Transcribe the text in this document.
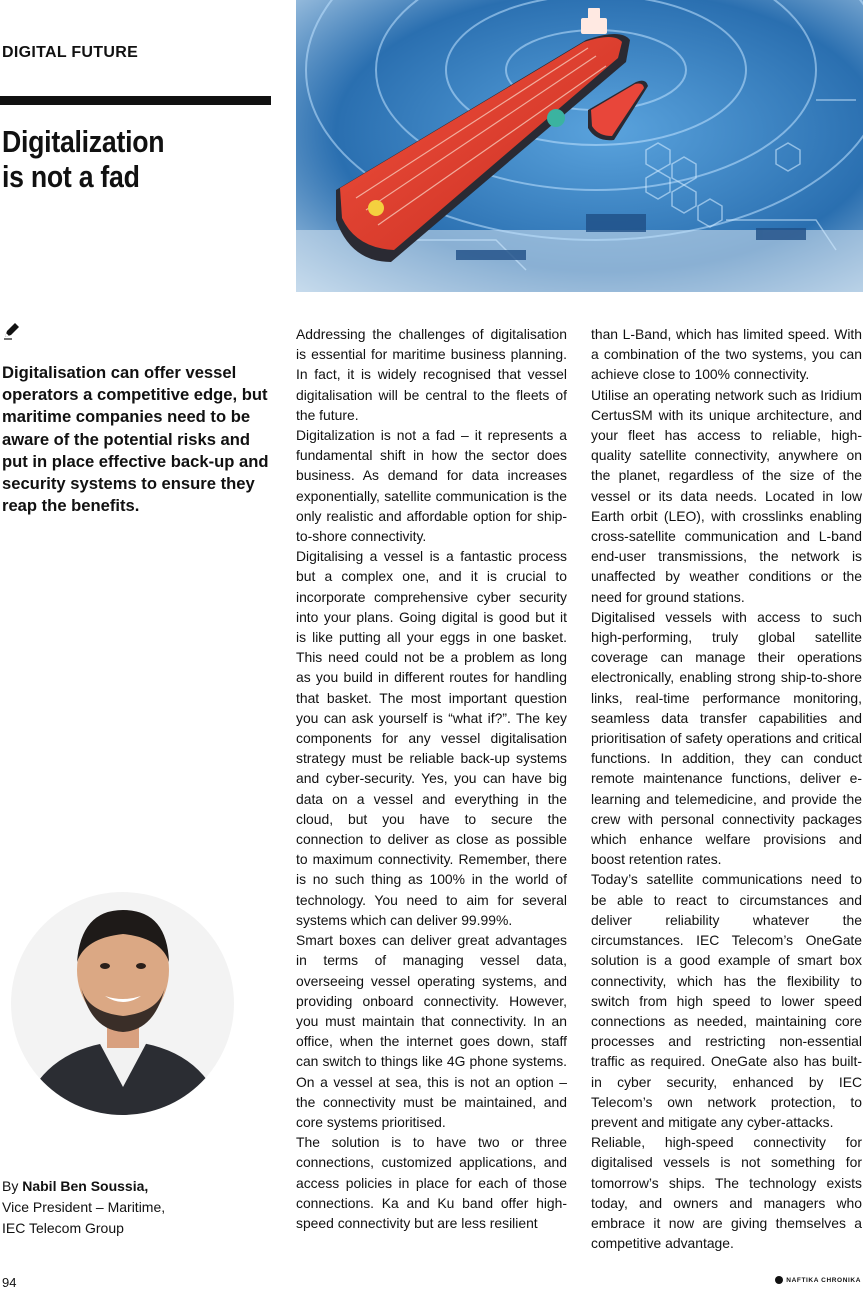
DIGITAL FUTURE
Digitalization
is not a fad

Digitalisation can offer vessel operators a competitive edge, but maritime companies need to be aware of the potential risks and put in place effective back-up and security systems to ensure they reap the benefits.

By Nabil Ben Soussia,
Vice President – Maritime,
IEC Telecom Group

Addressing the challenges of digitalisation is essential for maritime business planning. In fact, it is widely recognised that vessel digitalisation will be central to the fleets of the future.

Digitalization is not a fad – it represents a fundamental shift in how the sector does business. As demand for data increases exponentially, satellite communication is the only realistic and affordable option for ship-to-shore connectivity.

Digitalising a vessel is a fantastic process but a complex one, and it is crucial to incorporate comprehensive cyber security into your plans. Going digital is good but it is like putting all your eggs in one basket. This need could not be a problem as long as you build in different routes for handling that basket. The most important question you can ask yourself is “what if?”. The key components for any vessel digitalisation strategy must be reliable back-up systems and cyber-security. Yes, you can have big data on a vessel and everything in the cloud, but you have to secure the connection to deliver as close as possible to maximum connectivity. Remember, there is no such thing as 100% in the world of technology. You need to aim for several systems which can deliver 99.99%.

Smart boxes can deliver great advantages in terms of managing vessel data, overseeing vessel operating systems, and providing onboard connectivity. However, you must maintain that connectivity. In an office, when the internet goes down, staff can switch to things like 4G phone systems. On a vessel at sea, this is not an option – the connectivity must be maintained, and core systems prioritised.

The solution is to have two or three connections, customized applications, and access policies in place for each of those connections. Ka and Ku band offer high-speed connectivity but are less resilient

than L-Band, which has limited speed. With a combination of the two systems, you can achieve close to 100% connectivity.

Utilise an operating network such as Iridium CertusSM with its unique architecture, and your fleet has access to reliable, high-quality satellite connectivity, anywhere on the planet, regardless of the size of the vessel or its data needs. Located in low Earth orbit (LEO), with crosslinks enabling cross-satellite communication and L-band end-user transmissions, the network is unaffected by weather conditions or the need for ground stations.

Digitalised vessels with access to such high-performing, truly global satellite coverage can manage their operations electronically, enabling strong ship-to-shore links, real-time performance monitoring, seamless data transfer capabilities and prioritisation of safety operations and critical functions. In addition, they can conduct remote maintenance functions, deliver e-learning and telemedicine, and provide the crew with personal connectivity packages which enhance welfare provisions and boost retention rates.

Today’s satellite communications need to be able to react to circumstances and deliver reliability whatever the circumstances. IEC Telecom’s OneGate solution is a good example of smart box connectivity, which has the flexibility to switch from high speed to lower speed connections as needed, maintaining core processes and restricting non-essential traffic as required. OneGate also has built-in cyber security, enhanced by IEC Telecom’s own network protection, to prevent and mitigate any cyber-attacks.

Reliable, high-speed connectivity for digitalised vessels is not something for tomorrow’s ships. The technology exists today, and owners and managers who embrace it now are giving themselves a competitive advantage.

94	NAFTIKA CHRONIKA
